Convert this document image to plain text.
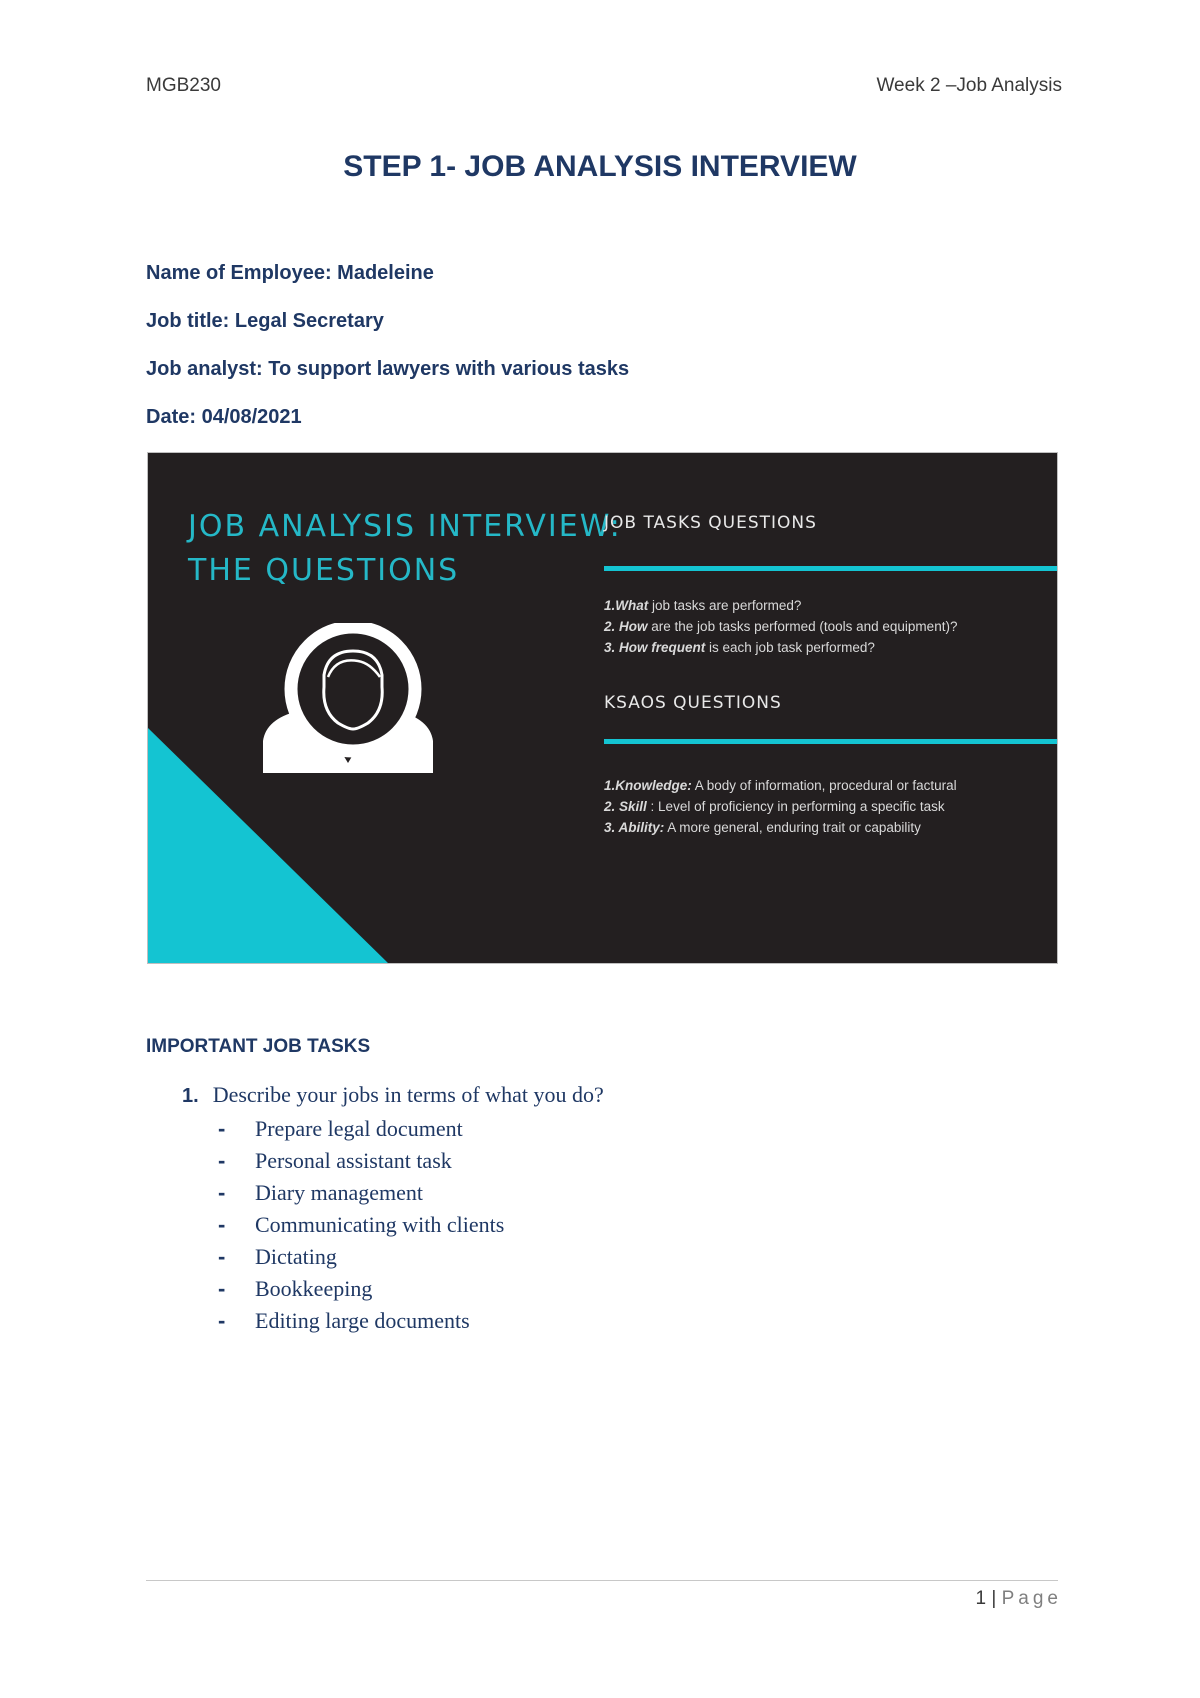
MGB230	Week 2 –Job Analysis
STEP 1- JOB ANALYSIS INTERVIEW
Name of Employee: Madeleine
Job title: Legal Secretary
Job analyst: To support lawyers with various tasks
Date: 04/08/2021
JOB ANALYSIS INTERVIEW:
THE QUESTIONS
JOB TASKS QUESTIONS
1.What job tasks are performed?
2. How are the job tasks performed (tools and equipment)?
3. How frequent is each job task performed?
KSAOS QUESTIONS
1.Knowledge: A body of information, procedural or factural
2. Skill : Level of proficiency in performing a specific task
3. Ability: A more general, enduring trait or capability
IMPORTANT JOB TASKS
1. Describe your jobs in terms of what you do?
- Prepare legal document
- Personal assistant task
- Diary management
- Communicating with clients
- Dictating
- Bookkeeping
- Editing large documents
1 | Page
